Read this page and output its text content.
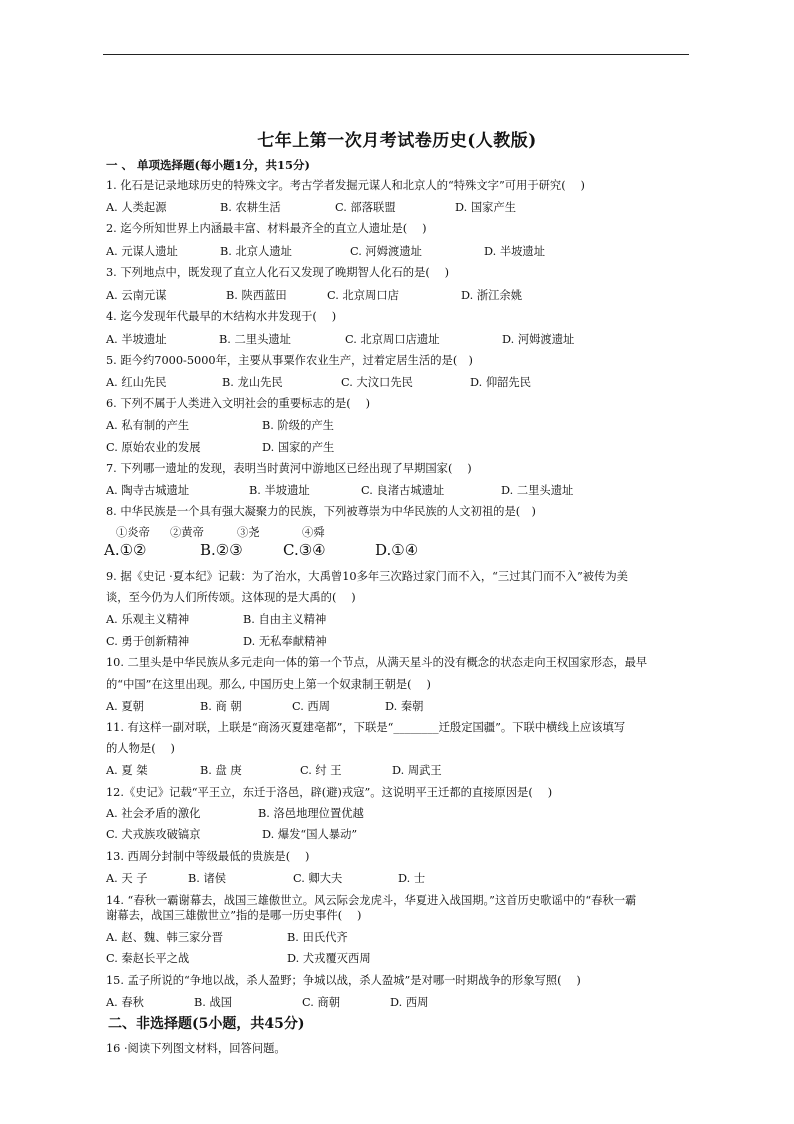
七年上第一次月考试卷历史(人教版)
一 、 单项选择题(每小题1分，共15分)
1. 化石是记录地球历史的特殊文字。考古学者发掘元谋人和北京人的“特殊文字”可用于研究(　 )
A. 人类起源	B. 农耕生活	C. 部落联盟	D. 国家产生
2. 迄今所知世界上内涵最丰富、材料最齐全的直立人遗址是(　 )
A. 元谋人遗址	B. 北京人遗址	C. 河姆渡遗址	D. 半坡遗址
3. 下列地点中，既发现了直立人化石又发现了晚期智人化石的是(　 )
A. 云南元谋	B. 陕西蓝田	C. 北京周口店	D. 浙江余姚
4. 迄今发现年代最早的木结构水井发现于(　 )
A. 半坡遗址	B. 二里头遗址	C. 北京周口店遗址	D. 河姆渡遗址
5. 距今约7000-5000年，主要从事粟作农业生产，过着定居生活的是(　)
A. 红山先民	B. 龙山先民	C. 大汶口先民	D. 仰韶先民
6. 下列不属于人类进入文明社会的重要标志的是(　 )
A. 私有制的产生	B. 阶级的产生
C. 原始农业的发展	D. 国家的产生
7. 下列哪一遗址的发现，表明当时黄河中游地区已经出现了早期国家(　 )
A. 陶寺古城遗址	B. 半坡遗址	C. 良渚古城遗址	D. 二里头遗址
8. 中华民族是一个具有强大凝聚力的民族，下列被尊崇为中华民族的人文初祖的是(　)
①炎帝 ②黄帝	③尧	④舜
A.①②	B.②③	C.③④	D.①④
9. 据《史记 ·夏本纪》记载：为了治水，大禹曾10多年三次路过家门而不入，“三过其门而不入”被传为美
谈，至今仍为人们所传颂。这体现的是大禹的(　 )
A. 乐观主义精神	B. 自由主义精神
C. 勇于创新精神	D. 无私奉献精神
10. 二里头是中华民族从多元走向一体的第一个节点，从满天星斗的没有概念的状态走向王权国家形态，最早
的“中国”在这里出现。那么, 中国历史上第一个奴隶制王朝是(　 )
A. 夏朝	B. 商 朝	C. 西周	D. 秦朝
11. 有这样一副对联，上联是“商汤灭夏建亳都”，下联是“________迁殷定国疆”。下联中横线上应该填写
的人物是(　 )
A. 夏 桀	B. 盘 庚	C. 纣 王	D. 周武王
12.《史记》记载“平王立，东迁于洛邑，辟(避)戎寇”。这说明平王迁都的直接原因是(　 )
A. 社会矛盾的激化	B. 洛邑地理位置优越
C. 犬戎族攻破镐京	D. 爆发“国人暴动”
13. 西周分封制中等级最低的贵族是(　 )
A. 天 子	B. 诸侯	C. 卿大夫	D. 士
14. “春秋一霸谢幕去，战国三雄傲世立。风云际会龙虎斗，华夏进入战国期。”这首历史歌谣中的“春秋一霸
谢幕去，战国三雄傲世立”指的是哪一历史事件(　 )
A. 赵、魏、韩三家分晋	B. 田氏代齐
C. 秦赵长平之战	D. 犬戎覆灭西周
15. 孟子所说的“争地以战，杀人盈野；争城以战，杀人盈城”是对哪一时期战争的形象写照(　 )
A. 春秋	B. 战国	C. 商朝	D. 西周
二、非选择题(5小题，共45分)
16 ·阅读下列图文材料，回答问题。
